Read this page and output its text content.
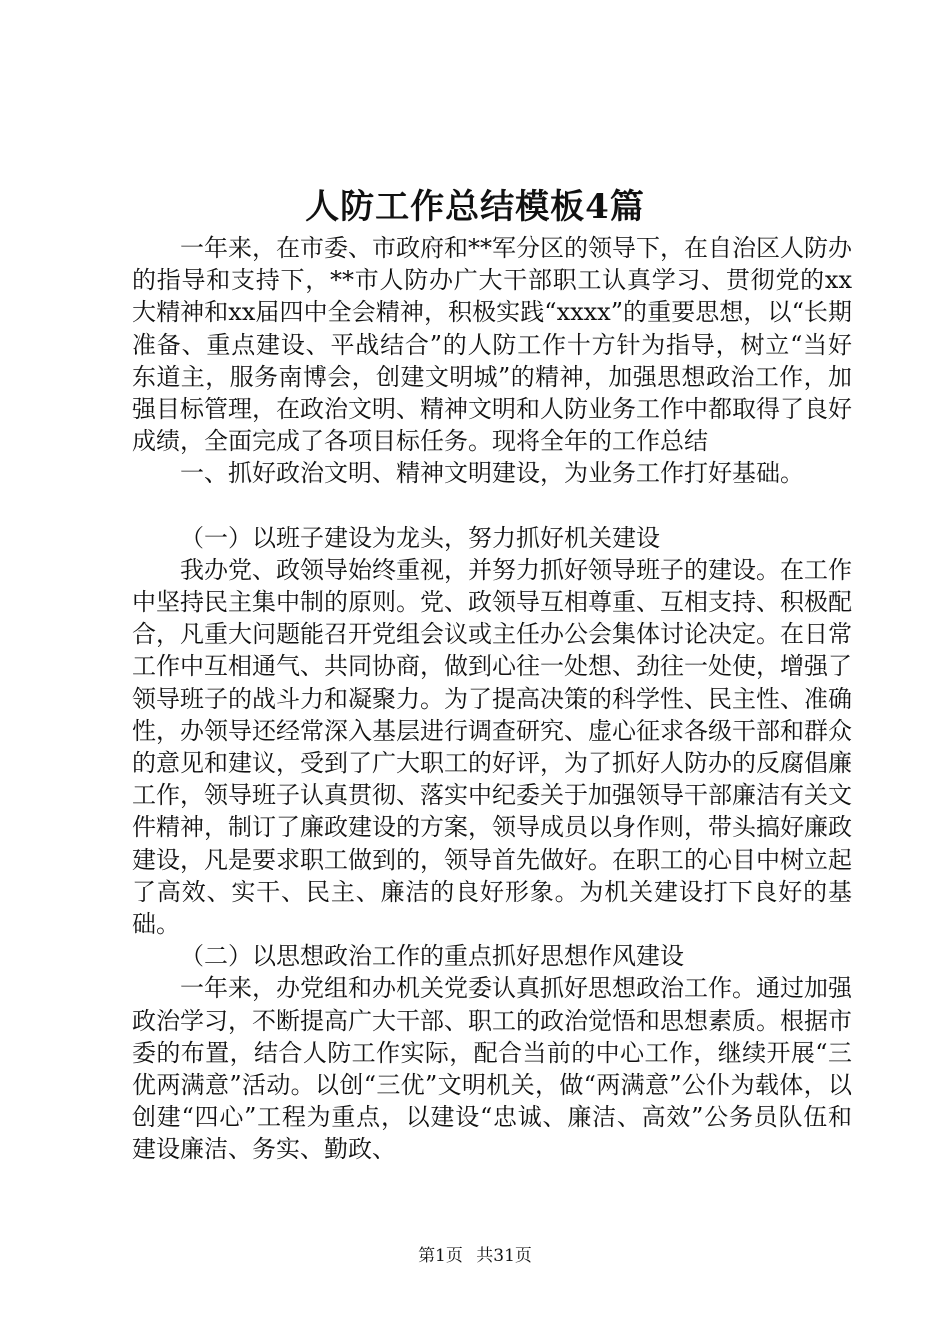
人防工作总结模板4篇

一年来，在市委、市政府和**军分区的领导下，在自治区人防办的指导和支持下，**市人防办广大干部职工认真学习、贯彻党的xx大精神和xx届四中全会精神，积极实践“xxxx”的重要思想，以“长期准备、重点建设、平战结合”的人防工作十方针为指导，树立“当好东道主，服务南博会，创建文明城”的精神，加强思想政治工作，加强目标管理，在政治文明、精神文明和人防业务工作中都取得了良好成绩，全面完成了各项目标任务。现将全年的工作总结

一、抓好政治文明、精神文明建设，为业务工作打好基础。

（一）以班子建设为龙头，努力抓好机关建设

我办党、政领导始终重视，并努力抓好领导班子的建设。在工作中坚持民主集中制的原则。党、政领导互相尊重、互相支持、积极配合，凡重大问题能召开党组会议或主任办公会集体讨论决定。在日常工作中互相通气、共同协商，做到心往一处想、劲往一处使，增强了领导班子的战斗力和凝聚力。为了提高决策的科学性、民主性、准确性，办领导还经常深入基层进行调查研究、虚心征求各级干部和群众的意见和建议，受到了广大职工的好评，为了抓好人防办的反腐倡廉工作，领导班子认真贯彻、落实中纪委关于加强领导干部廉洁有关文件精神，制订了廉政建设的方案，领导成员以身作则，带头搞好廉政建设，凡是要求职工做到的，领导首先做好。在职工的心目中树立起了高效、实干、民主、廉洁的良好形象。为机关建设打下良好的基础。

（二）以思想政治工作的重点抓好思想作风建设

一年来，办党组和办机关党委认真抓好思想政治工作。通过加强政治学习，不断提高广大干部、职工的政治觉悟和思想素质。根据市委的布置，结合人防工作实际，配合当前的中心工作，继续开展“三优两满意”活动。以创“三优”文明机关，做“两满意”公仆为载体，以创建“四心”工程为重点，以建设“忠诚、廉洁、高效”公务员队伍和建设廉洁、务实、勤政、

第1页 共31页
